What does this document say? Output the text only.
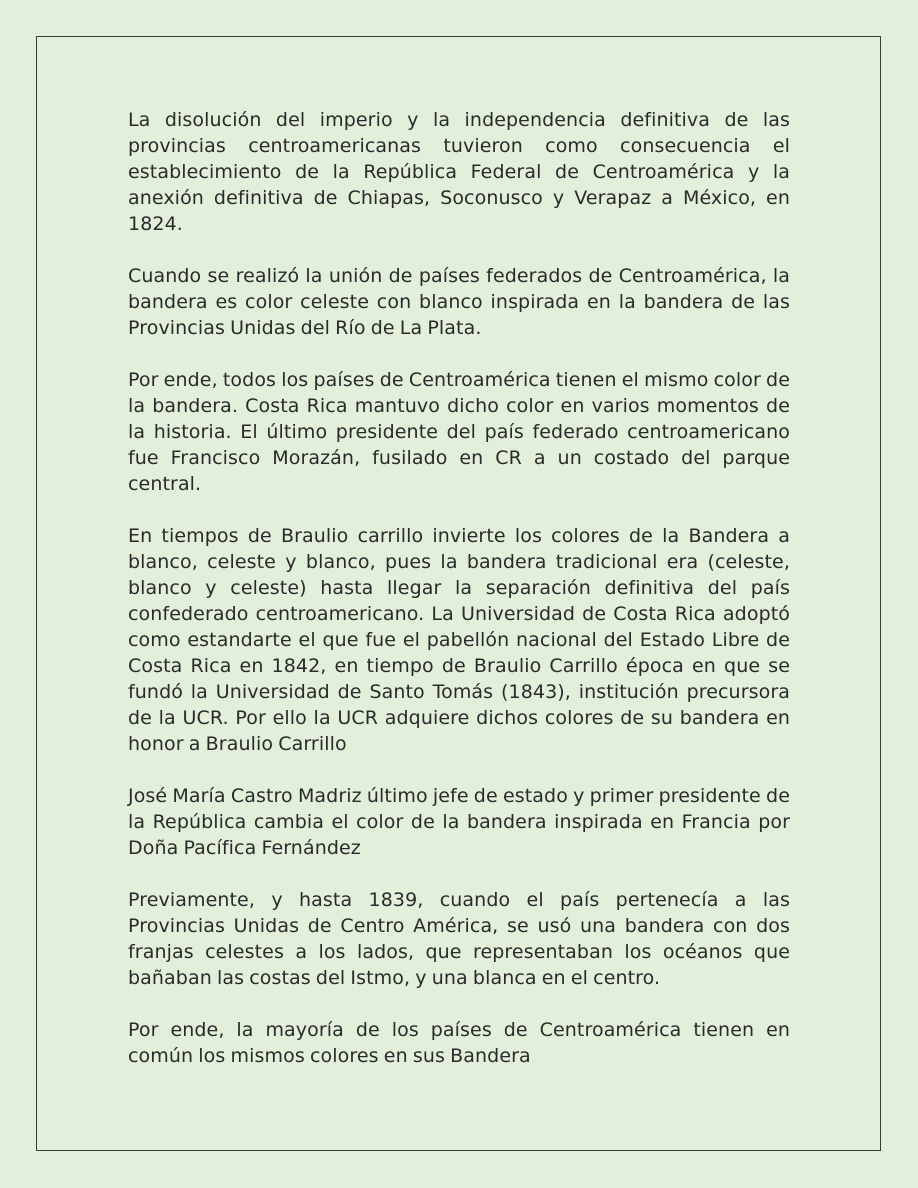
La disolución del imperio y la independencia definitiva de las provincias centroamericanas tuvieron como consecuencia el establecimiento de la República Federal de Centroamérica y la anexión definitiva de Chiapas, Soconusco y Verapaz a México, en 1824.

Cuando se realizó la unión de países federados de Centroamérica, la bandera es color celeste con blanco inspirada en la bandera de las Provincias Unidas del Río de La Plata.

Por ende, todos los países de Centroamérica tienen el mismo color de la bandera. Costa Rica mantuvo dicho color en varios momentos de la historia. El último presidente del país federado centroamericano fue Francisco Morazán, fusilado en CR a un costado del parque central.

En tiempos de Braulio carrillo invierte los colores de la Bandera a blanco, celeste y blanco, pues la bandera tradicional era (celeste, blanco y celeste) hasta llegar la separación definitiva del país confederado centroamericano. La Universidad de Costa Rica adoptó como estandarte el que fue el pabellón nacional del Estado Libre de Costa Rica en 1842, en tiempo de Braulio Carrillo época en que se fundó la Universidad de Santo Tomás (1843), institución precursora de la UCR. Por ello la UCR adquiere dichos colores de su bandera en honor a Braulio Carrillo

José María Castro Madriz último jefe de estado y primer presidente de la República cambia el color de la bandera inspirada en Francia por Doña Pacífica Fernández

Previamente, y hasta 1839, cuando el país pertenecía a las Provincias Unidas de Centro América, se usó una bandera con dos franjas celestes a los lados, que representaban los océanos que bañaban las costas del Istmo, y una blanca en el centro.

Por ende, la mayoría de los países de Centroamérica tienen en común los mismos colores en sus Bandera
